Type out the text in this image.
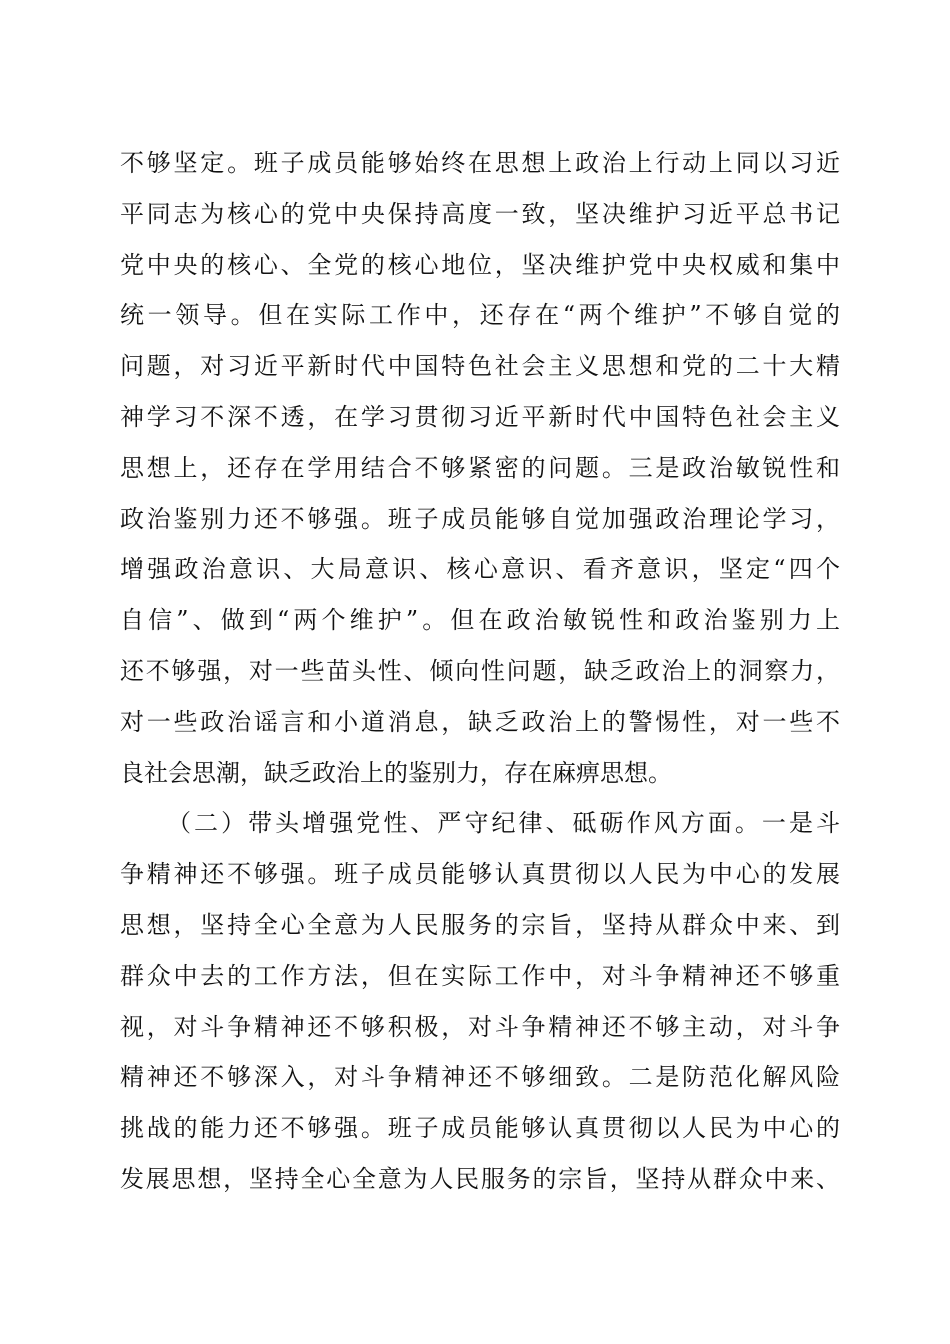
不够坚定。班子成员能够始终在思想上政治上行动上同以习近
平同志为核心的党中央保持高度一致，坚决维护习近平总书记
党中央的核心、全党的核心地位，坚决维护党中央权威和集中
统一领导。但在实际工作中，还存在“两个维护”不够自觉的
问题，对习近平新时代中国特色社会主义思想和党的二十大精
神学习不深不透，在学习贯彻习近平新时代中国特色社会主义
思想上，还存在学用结合不够紧密的问题。三是政治敏锐性和
政治鉴别力还不够强。班子成员能够自觉加强政治理论学习，
增强政治意识、大局意识、核心意识、看齐意识，坚定“四个
自信”、做到“两个维护”。但在政治敏锐性和政治鉴别力上
还不够强，对一些苗头性、倾向性问题，缺乏政治上的洞察力，
对一些政治谣言和小道消息，缺乏政治上的警惕性，对一些不
良社会思潮，缺乏政治上的鉴别力，存在麻痹思想。
（二）带头增强党性、严守纪律、砥砺作风方面。一是斗
争精神还不够强。班子成员能够认真贯彻以人民为中心的发展
思想，坚持全心全意为人民服务的宗旨，坚持从群众中来、到
群众中去的工作方法，但在实际工作中，对斗争精神还不够重
视，对斗争精神还不够积极，对斗争精神还不够主动，对斗争
精神还不够深入，对斗争精神还不够细致。二是防范化解风险
挑战的能力还不够强。班子成员能够认真贯彻以人民为中心的
发展思想，坚持全心全意为人民服务的宗旨，坚持从群众中来、
